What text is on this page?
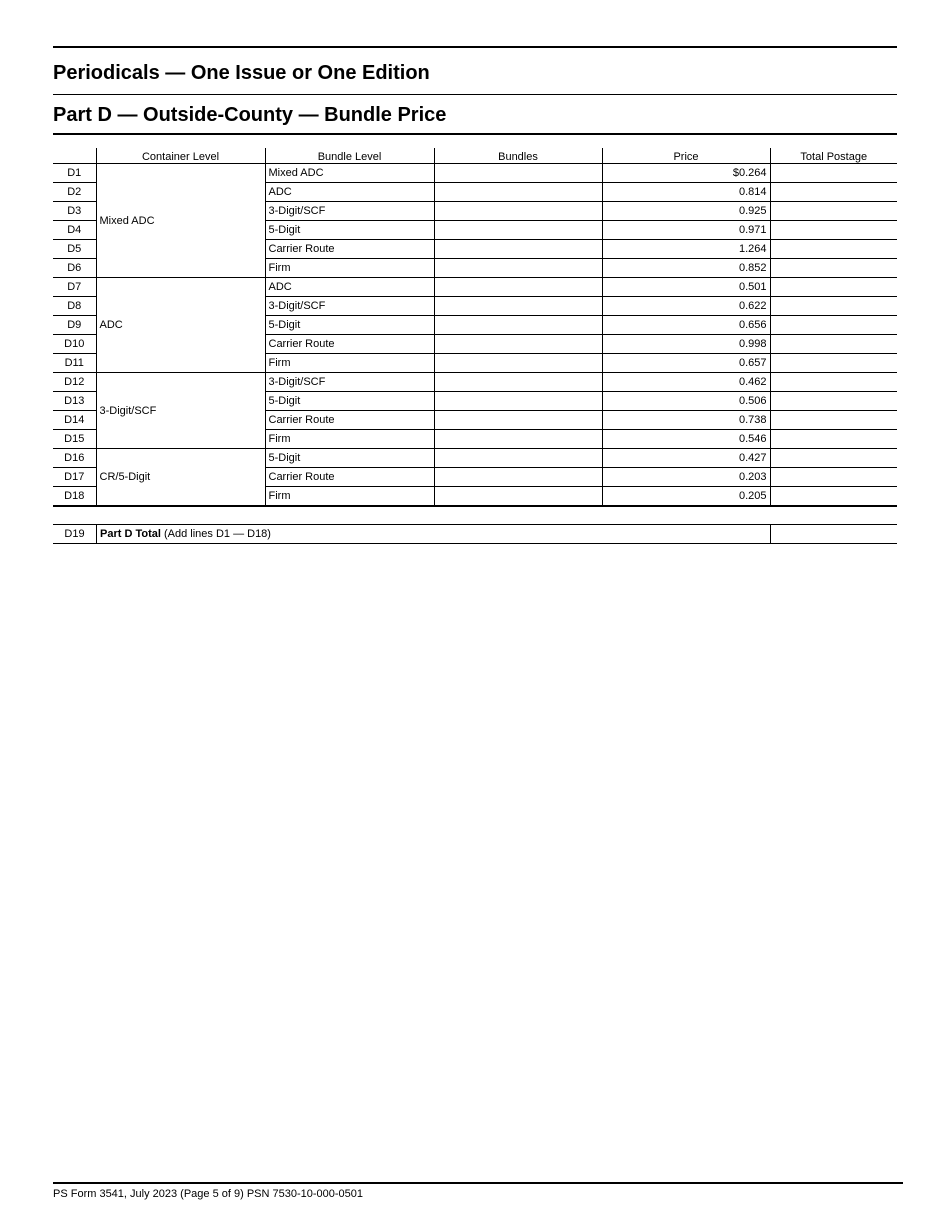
Periodicals — One Issue or One Edition
Part D — Outside-County — Bundle Price
	Container Level	Bundle Level	Bundles	Price	Total Postage
D1	Mixed ADC	Mixed ADC		$0.264	
D2		ADC		0.814	
D3		3-Digit/SCF		0.925	
D4		5-Digit		0.971	
D5		Carrier Route		1.264	
D6		Firm		0.852	
D7	ADC	ADC		0.501	
D8		3-Digit/SCF		0.622	
D9		5-Digit		0.656	
D10		Carrier Route		0.998	
D11		Firm		0.657	
D12	3-Digit/SCF	3-Digit/SCF		0.462	
D13		5-Digit		0.506	
D14		Carrier Route		0.738	
D15		Firm		0.546	
D16	CR/5-Digit	5-Digit		0.427	
D17		Carrier Route		0.203	
D18		Firm		0.205	
D19	Part D Total (Add lines D1 — D18)	
PS Form 3541, July 2023 (Page 5 of 9) PSN 7530-10-000-0501
